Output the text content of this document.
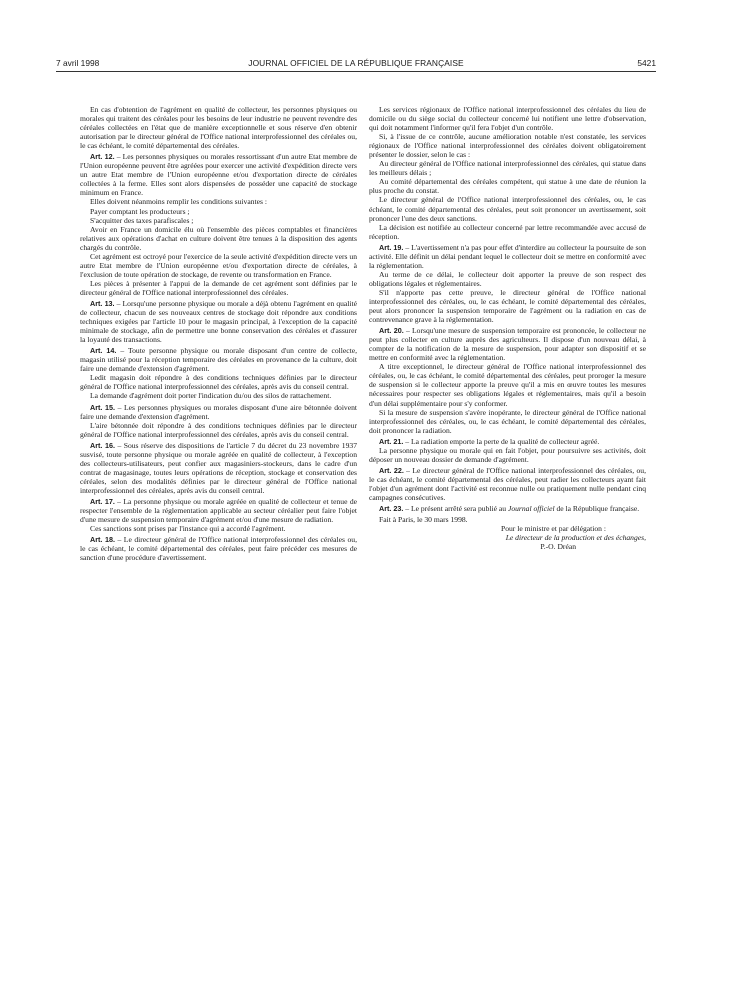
7 avril 1998	JOURNAL OFFICIEL DE LA RÉPUBLIQUE FRANÇAISE	5421

En cas d'obtention de l'agrément en qualité de collecteur, les personnes physiques ou morales qui traitent des céréales pour les besoins de leur industrie ne peuvent revendre des céréales collectées en l'état que de manière exceptionnelle et sous réserve d'en obtenir autorisation par le directeur général de l'Office national interprofessionnel des céréales ou, le cas échéant, le comité départemental des céréales.

Art. 12. – Les personnes physiques ou morales ressortissant d'un autre Etat membre de l'Union européenne peuvent être agréées pour exercer une activité d'expédition directe vers un autre Etat membre de l'Union européenne et/ou d'exportation directe de céréales collectées à la ferme. Elles sont alors dispensées de posséder une capacité de stockage minimum en France.

Elles doivent néanmoins remplir les conditions suivantes :

Payer comptant les producteurs ;

S'acquitter des taxes parafiscales ;

Avoir en France un domicile élu où l'ensemble des pièces comptables et financières relatives aux opérations d'achat en culture doivent être tenues à la disposition des agents chargés du contrôle.

Cet agrément est octroyé pour l'exercice de la seule activité d'expédition directe vers un autre Etat membre de l'Union européenne et/ou d'exportation directe de céréales, à l'exclusion de toute opération de stockage, de revente ou transformation en France.

Les pièces à présenter à l'appui de la demande de cet agrément sont définies par le directeur général de l'Office national interprofessionnel des céréales.

Art. 13. – Lorsqu'une personne physique ou morale a déjà obtenu l'agrément en qualité de collecteur, chacun de ses nouveaux centres de stockage doit répondre aux conditions techniques exigées par l'article 10 pour le magasin principal, à l'exception de la capacité minimale de stockage, afin de permettre une bonne conservation des céréales et d'assurer la loyauté des transactions.

Art. 14. – Toute personne physique ou morale disposant d'un centre de collecte, magasin utilisé pour la réception temporaire des céréales en provenance de la culture, doit faire une demande d'extension d'agrément.

Ledit magasin doit répondre à des conditions techniques définies par le directeur général de l'Office national interprofessionnel des céréales, après avis du conseil central.

La demande d'agrément doit porter l'indication du/ou des silos de rattachement.

Art. 15. – Les personnes physiques ou morales disposant d'une aire bétonnée doivent faire une demande d'extension d'agrément.

L'aire bétonnée doit répondre à des conditions techniques définies par le directeur général de l'Office national interprofessionnel des céréales, après avis du conseil central.

Art. 16. – Sous réserve des dispositions de l'article 7 du décret du 23 novembre 1937 susvisé, toute personne physique ou morale agréée en qualité de collecteur, à l'exception des collecteurs-utilisateurs, peut confier aux magasiniers-stockeurs, dans le cadre d'un contrat de magasinage, toutes leurs opérations de réception, stockage et conservation des céréales, selon des modalités définies par le directeur général de l'Office national interprofessionnel des céréales, après avis du conseil central.

Art. 17. – La personne physique ou morale agréée en qualité de collecteur et tenue de respecter l'ensemble de la réglementation applicable au secteur céréalier peut faire l'objet d'une mesure de suspension temporaire d'agrément et/ou d'une mesure de radiation.

Ces sanctions sont prises par l'instance qui a accordé l'agrément.

Art. 18. – Le directeur général de l'Office national interprofessionnel des céréales ou, le cas échéant, le comité départemental des céréales, peut faire précéder ces mesures de sanction d'une procédure d'avertissement.

Les services régionaux de l'Office national interprofessionnel des céréales du lieu de domicile ou du siège social du collecteur concerné lui notifient une lettre d'observation, qui doit notamment l'informer qu'il fera l'objet d'un contrôle.

Si, à l'issue de ce contrôle, aucune amélioration notable n'est constatée, les services régionaux de l'Office national interprofessionnel des céréales doivent obligatoirement présenter le dossier, selon le cas :

Au directeur général de l'Office national interprofessionnel des céréales, qui statue dans les meilleurs délais ;

Au comité départemental des céréales compétent, qui statue à une date de réunion la plus proche du constat.

Le directeur général de l'Office national interprofessionnel des céréales, ou, le cas échéant, le comité départemental des céréales, peut soit prononcer un avertissement, soit prononcer l'une des deux sanctions.

La décision est notifiée au collecteur concerné par lettre recommandée avec accusé de réception.

Art. 19. – L'avertissement n'a pas pour effet d'interdire au collecteur la poursuite de son activité. Elle définit un délai pendant lequel le collecteur doit se mettre en conformité avec la réglementation.

Au terme de ce délai, le collecteur doit apporter la preuve de son respect des obligations légales et réglementaires.

S'il n'apporte pas cette preuve, le directeur général de l'Office national interprofessionnel des céréales, ou, le cas échéant, le comité départemental des céréales, peut alors prononcer la suspension temporaire de l'agrément ou la radiation en cas de contrevenance grave à la réglementation.

Art. 20. – Lorsqu'une mesure de suspension temporaire est prononcée, le collecteur ne peut plus collecter en culture auprès des agriculteurs. Il dispose d'un nouveau délai, à compter de la notification de la mesure de suspension, pour adapter son dispositif et se mettre en conformité avec la réglementation.

A titre exceptionnel, le directeur général de l'Office national interprofessionnel des céréales, ou, le cas échéant, le comité départemental des céréales, peut proroger la mesure de suspension si le collecteur apporte la preuve qu'il a mis en œuvre toutes les mesures nécessaires pour respecter ses obligations légales et réglementaires, mais qu'il a besoin d'un délai supplémentaire pour s'y conformer.

Si la mesure de suspension s'avère inopérante, le directeur général de l'Office national interprofessionnel des céréales, ou, le cas échéant, le comité départemental des céréales, doit prononcer la radiation.

Art. 21. – La radiation emporte la perte de la qualité de collecteur agréé.

La personne physique ou morale qui en fait l'objet, pour poursuivre ses activités, doit déposer un nouveau dossier de demande d'agrément.

Art. 22. – Le directeur général de l'Office national interprofessionnel des céréales, ou, le cas échéant, le comité départemental des céréales, peut radier les collecteurs ayant fait l'objet d'un agrément dont l'activité est reconnue nulle ou pratiquement nulle pendant cinq campagnes consécutives.

Art. 23. – Le présent arrêté sera publié au Journal officiel de la République française.

Fait à Paris, le 30 mars 1998.

Pour le ministre et par délégation :

Le directeur de la production et des échanges,

P.-O. Dréan
